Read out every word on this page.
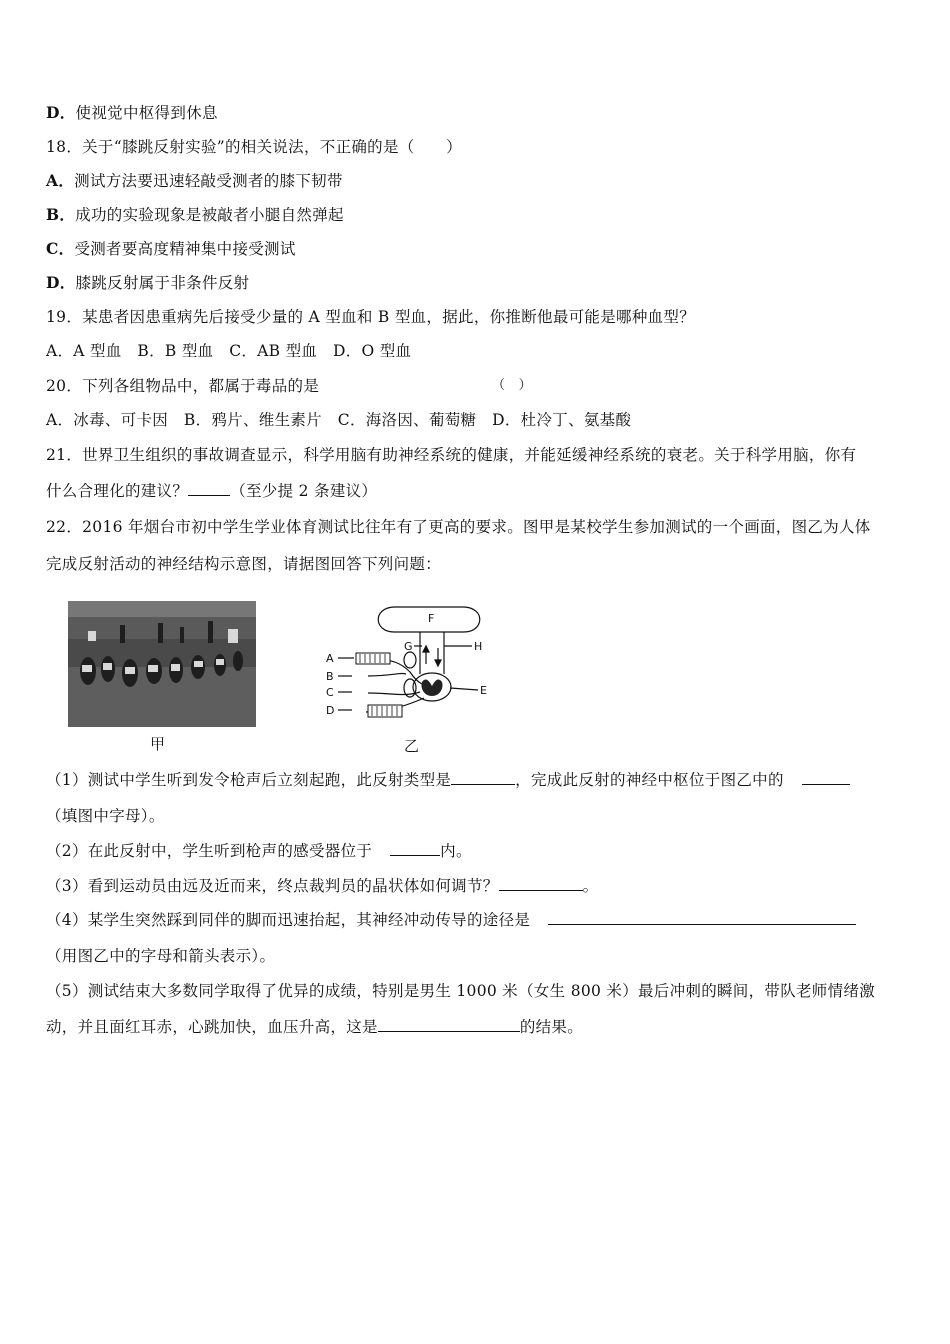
D．使视觉中枢得到休息
18．关于“膝跳反射实验”的相关说法，不正确的是（　　）
A．测试方法要迅速轻敲受测者的膝下韧带
B．成功的实验现象是被敲者小腿自然弹起
C．受测者要高度精神集中接受测试
D．膝跳反射属于非条件反射
19．某患者因患重病先后接受少量的 A 型血和 B 型血，据此，你推断他最可能是哪种血型？
A．A 型血　B．B 型血　C．AB 型血　D．O 型血
20．下列各组物品中，都属于毒品的是	（　）
A．冰毒、可卡因　B．鸦片、维生素片　C．海洛因、葡萄糖　D．杜冷丁、氨基酸
21．世界卫生组织的事故调查显示，科学用脑有助神经系统的健康，并能延缓神经系统的衰老。关于科学用脑，你有
什么合理化的建议？	（至少提 2 条建议）
22．2016 年烟台市初中学生学业体育测试比往年有了更高的要求。图甲是某校学生参加测试的一个画面，图乙为人体
完成反射活动的神经结构示意图，请据图回答下列问题：
甲
F
G	H
A
B
C
D
E
乙
（1）测试中学生听到发令枪声后立刻起跑，此反射类型是	，完成此反射的神经中枢位于图乙中的
（填图中字母）。
（2）在此反射中，学生听到枪声的感受器位于	内。
（3）看到运动员由远及近而来，终点裁判员的晶状体如何调节？	。
（4）某学生突然踩到同伴的脚而迅速抬起，其神经冲动传导的途径是
（用图乙中的字母和箭头表示）。
（5）测试结束大多数同学取得了优异的成绩，特别是男生 1000 米（女生 800 米）最后冲刺的瞬间，带队老师情绪激
动，并且面红耳赤，心跳加快，血压升高，这是	的结果。
